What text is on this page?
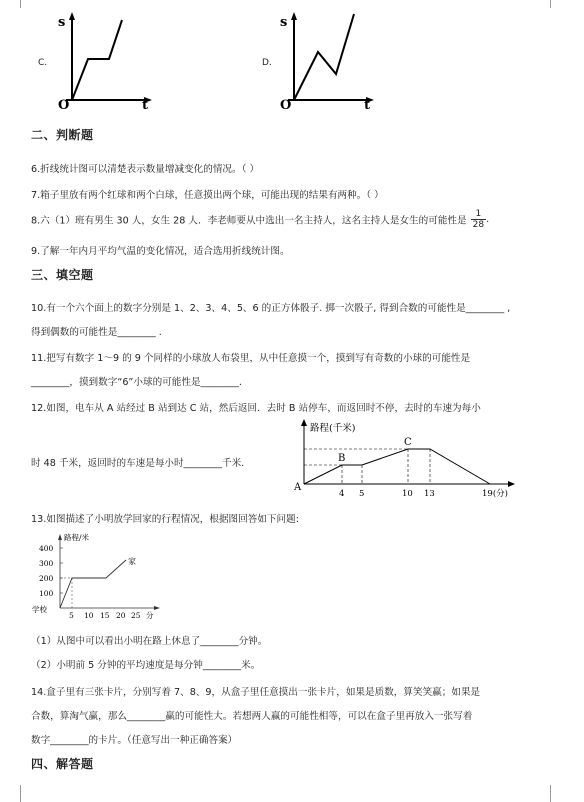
C.
s
t
O
D.
s
t
O
二、判断题
6.折线统计图可以清楚表示数量增减变化的情况。（ ）
7.箱子里放有两个红球和两个白球，任意摸出两个球，可能出现的结果有两种。（ ）
8.六（1）班有男生 30 人，女生 28 人．李老师要从中选出一名主持人，这名主持人是女生的可能性是 $\frac{1}{28}$ .
9.了解一年内月平均气温的变化情况，适合选用折线统计图。
三、填空题
10.有一个六个面上的数字分别是 1、2、3、4、5、6 的正方体骰子. 掷一次骰子, 得到合数的可能性是________ ,
得到偶数的可能性是________ .
11.把写有数字 1～9 的 9 个同样的小球放人布袋里，从中任意摸一个，摸到写有奇数的小球的可能性是
________，摸到数字“6”小球的可能性是________.
12.如图，电车从 A 站经过 B 站到达 C 站，然后返回．去时 B 站停车，而返回时不停，去时的车速为每小
时 48 千米，返回时的车速是每小时________千米.
路程(千米)
A
B
C
4 5	10 13	19(分)
13.如图描述了小明放学回家的行程情况，根据图回答如下问题:
路程/米
400
300
200
100
家
学校
5 10 15 20 25 分
（1）从图中可以看出小明在路上休息了________分钟。
（2）小明前 5 分钟的平均速度是每分钟________米。
14.盒子里有三张卡片，分别写着 7、8、9，从盒子里任意摸出一张卡片，如果是质数，算笑笑赢；如果是
合数，算淘气赢，那么________赢的可能性大。若想两人赢的可能性相等，可以在盒子里再放入一张写着
数字________的卡片。（任意写出一种正确答案）
四、解答题
